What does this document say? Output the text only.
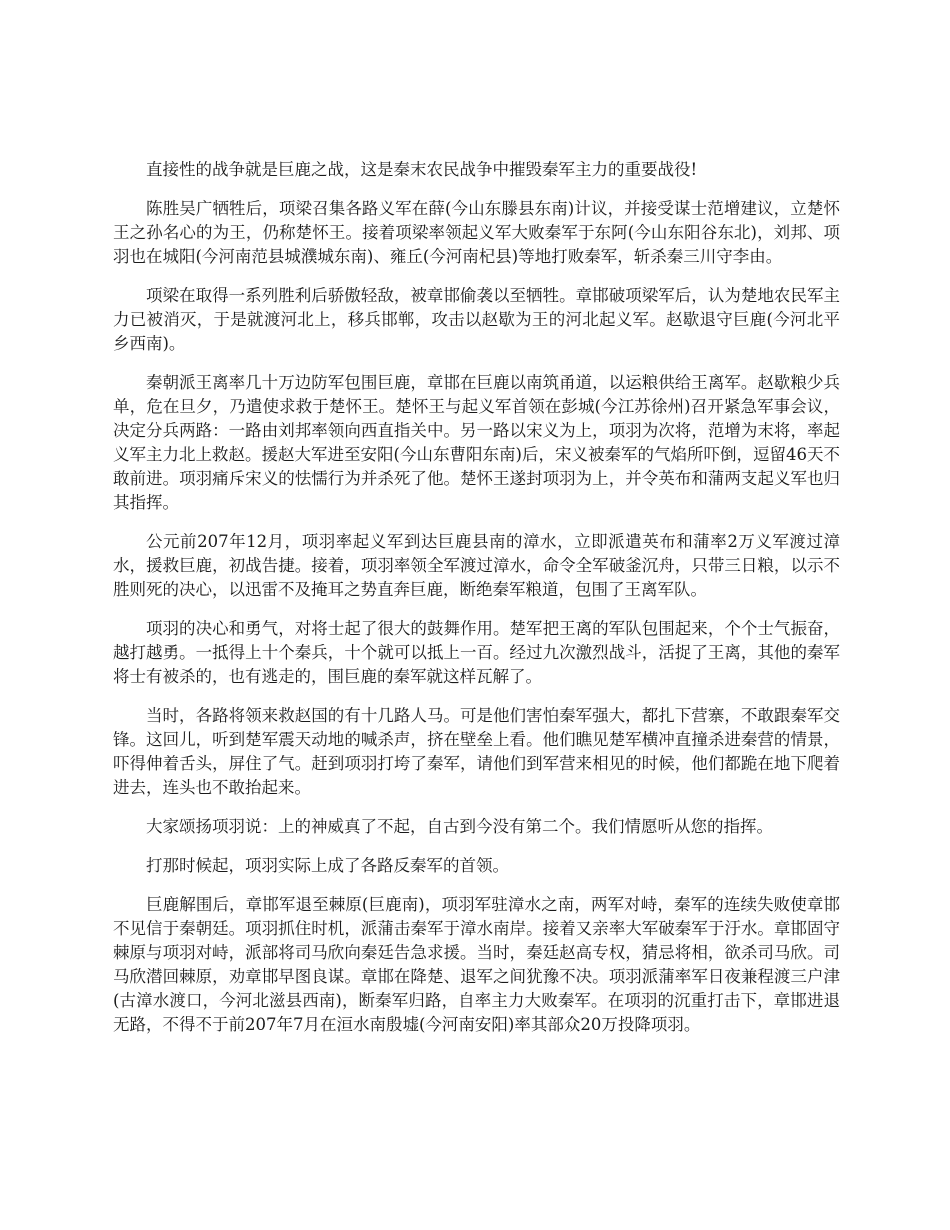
直接性的战争就是巨鹿之战，这是秦末农民战争中摧毁秦军主力的重要战役!

陈胜吴广牺牲后，项梁召集各路义军在薛(今山东滕县东南)计议，并接受谋士范增建议，立楚怀王之孙名心的为王，仍称楚怀王。接着项梁率领起义军大败秦军于东阿(今山东阳谷东北)，刘邦、项羽也在城阳(今河南范县城濮城东南)、雍丘(今河南杞县)等地打败秦军，斩杀秦三川守李由。

项梁在取得一系列胜利后骄傲轻敌，被章邯偷袭以至牺牲。章邯破项梁军后，认为楚地农民军主力已被消灭，于是就渡河北上，移兵邯郸，攻击以赵歇为王的河北起义军。赵歇退守巨鹿(今河北平乡西南)。

秦朝派王离率几十万边防军包围巨鹿，章邯在巨鹿以南筑甬道，以运粮供给王离军。赵歇粮少兵单，危在旦夕，乃遣使求救于楚怀王。楚怀王与起义军首领在彭城(今江苏徐州)召开紧急军事会议，决定分兵两路：一路由刘邦率领向西直指关中。另一路以宋义为上，项羽为次将，范增为末将，率起义军主力北上救赵。援赵大军进至安阳(今山东曹阳东南)后，宋义被秦军的气焰所吓倒，逗留46天不敢前进。项羽痛斥宋义的怯懦行为并杀死了他。楚怀王遂封项羽为上，并令英布和蒲两支起义军也归其指挥。

公元前207年12月，项羽率起义军到达巨鹿县南的漳水，立即派遣英布和蒲率2万义军渡过漳水，援救巨鹿，初战告捷。接着，项羽率领全军渡过漳水，命令全军破釜沉舟，只带三日粮，以示不胜则死的决心，以迅雷不及掩耳之势直奔巨鹿，断绝秦军粮道，包围了王离军队。

项羽的决心和勇气，对将士起了很大的鼓舞作用。楚军把王离的军队包围起来，个个士气振奋，越打越勇。一抵得上十个秦兵，十个就可以抵上一百。经过九次激烈战斗，活捉了王离，其他的秦军将士有被杀的，也有逃走的，围巨鹿的秦军就这样瓦解了。

当时，各路将领来救赵国的有十几路人马。可是他们害怕秦军强大，都扎下营寨，不敢跟秦军交锋。这回儿，听到楚军震天动地的喊杀声，挤在壁垒上看。他们瞧见楚军横冲直撞杀进秦营的情景，吓得伸着舌头，屏住了气。赶到项羽打垮了秦军，请他们到军营来相见的时候，他们都跪在地下爬着进去，连头也不敢抬起来。

大家颂扬项羽说：上的神威真了不起，自古到今没有第二个。我们情愿听从您的指挥。

打那时候起，项羽实际上成了各路反秦军的首领。

巨鹿解围后，章邯军退至棘原(巨鹿南)，项羽军驻漳水之南，两军对峙，秦军的连续失败使章邯不见信于秦朝廷。项羽抓住时机，派蒲击秦军于漳水南岸。接着又亲率大军破秦军于汙水。章邯固守棘原与项羽对峙，派部将司马欣向秦廷告急求援。当时，秦廷赵高专权，猜忌将相，欲杀司马欣。司马欣潜回棘原，劝章邯早图良谋。章邯在降楚、退军之间犹豫不决。项羽派蒲率军日夜兼程渡三户津(古漳水渡口，今河北滋县西南)，断秦军归路，自率主力大败秦军。在项羽的沉重打击下，章邯进退无路，不得不于前207年7月在洹水南殷墟(今河南安阳)率其部众20万投降项羽。
